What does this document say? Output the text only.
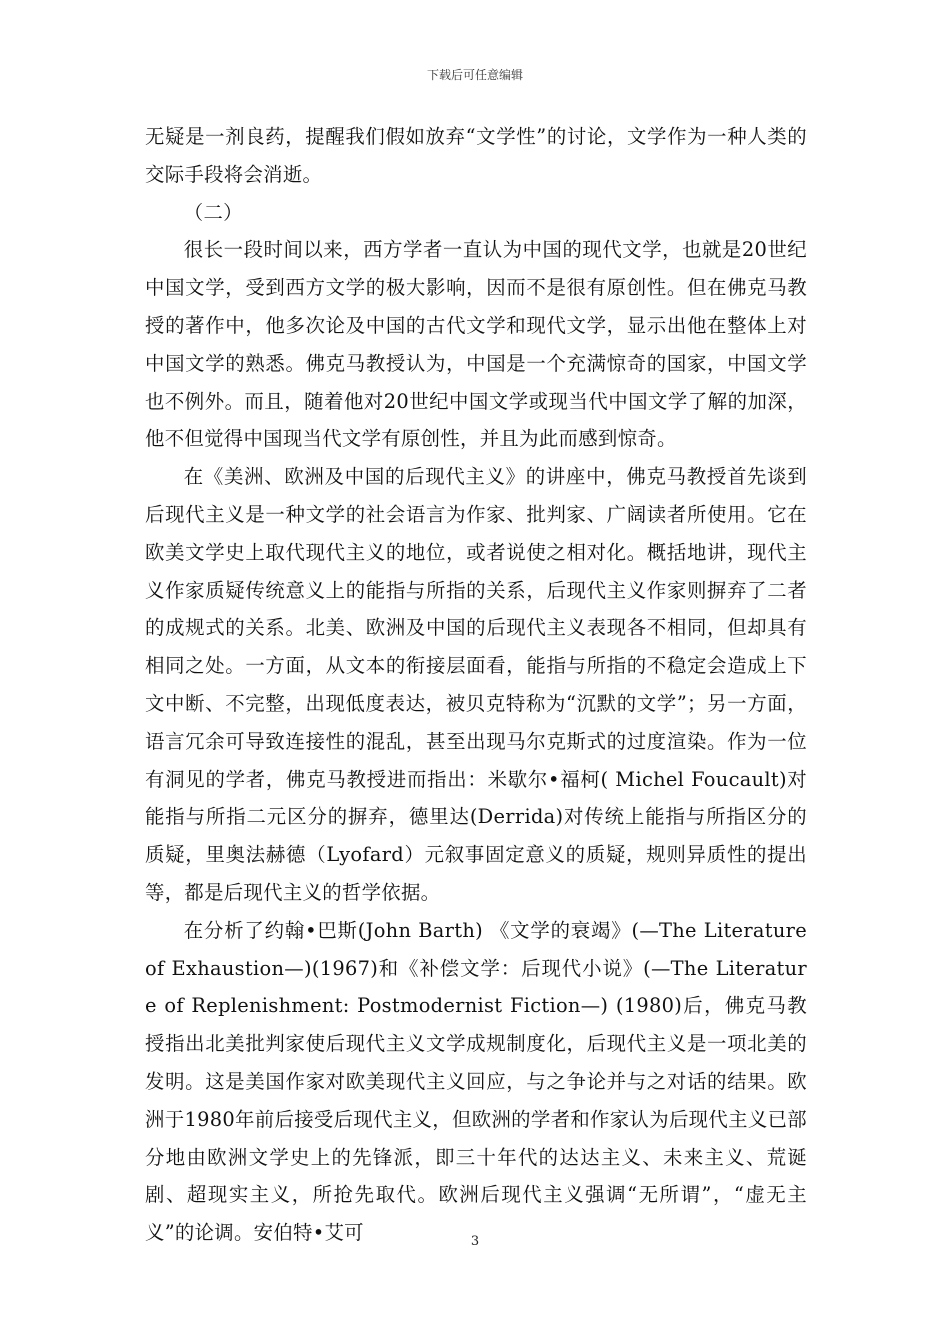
下载后可任意编辑

无疑是一剂良药，提醒我们假如放弃“文学性”的讨论，文学作为一种人类的交际手段将会消逝。

（二）

很长一段时间以来，西方学者一直认为中国的现代文学，也就是20世纪中国文学，受到西方文学的极大影响，因而不是很有原创性。但在佛克马教授的著作中，他多次论及中国的古代文学和现代文学，显示出他在整体上对中国文学的熟悉。佛克马教授认为，中国是一个充满惊奇的国家，中国文学也不例外。而且，随着他对20世纪中国文学或现当代中国文学了解的加深，他不但觉得中国现当代文学有原创性，并且为此而感到惊奇。

在《美洲、欧洲及中国的后现代主义》的讲座中，佛克马教授首先谈到后现代主义是一种文学的社会语言为作家、批判家、广阔读者所使用。它在欧美文学史上取代现代主义的地位，或者说使之相对化。概括地讲，现代主义作家质疑传统意义上的能指与所指的关系，后现代主义作家则摒弃了二者的成规式的关系。北美、欧洲及中国的后现代主义表现各不相同，但却具有相同之处。一方面，从文本的衔接层面看，能指与所指的不稳定会造成上下文中断、不完整，出现低度表达，被贝克特称为“沉默的文学”；另一方面，语言冗余可导致连接性的混乱，甚至出现马尔克斯式的过度渲染。作为一位有洞见的学者，佛克马教授进而指出：米歇尔•福柯( Michel Foucault)对能指与所指二元区分的摒弃，德里达(Derrida)对传统上能指与所指区分的质疑，里奥法赫德（Lyofard）元叙事固定意义的质疑，规则异质性的提出等，都是后现代主义的哲学依据。

在分析了约翰•巴斯(John Barth) 《文学的衰竭》(—The Literature of Exhaustion—)(1967)和《补偿文学：后现代小说》(—The Literature of Replenishment: Postmodernist Fiction—) (1980)后，佛克马教授指出北美批判家使后现代主义文学成规制度化，后现代主义是一项北美的发明。这是美国作家对欧美现代主义回应，与之争论并与之对话的结果。欧洲于1980年前后接受后现代主义，但欧洲的学者和作家认为后现代主义已部分地由欧洲文学史上的先锋派，即三十年代的达达主义、未来主义、荒诞剧、超现实主义，所抢先取代。欧洲后现代主义强调“无所谓”，“虚无主义”的论调。安伯特•艾可	3
